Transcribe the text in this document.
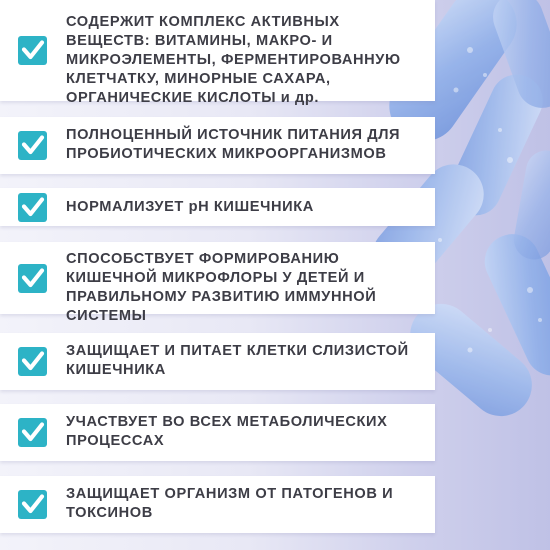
СОДЕРЖИТ КОМПЛЕКС АКТИВНЫХ ВЕЩЕСТВ: ВИТАМИНЫ, МАКРО- И МИКРОЭЛЕМЕНТЫ, ФЕРМЕНТИРОВАННУЮ КЛЕТЧАТКУ, МИНОРНЫЕ САХАРА, ОРГАНИЧЕСКИЕ КИСЛОТЫ и др.
ПОЛНОЦЕННЫЙ ИСТОЧНИК ПИТАНИЯ ДЛЯ ПРОБИОТИЧЕСКИХ МИКРООРГАНИЗМОВ
НОРМАЛИЗУЕТ pH КИШЕЧНИКА
СПОСОБСТВУЕТ ФОРМИРОВАНИЮ КИШЕЧНОЙ МИКРОФЛОРЫ У ДЕТЕЙ И ПРАВИЛЬНОМУ РАЗВИТИЮ ИММУННОЙ СИСТЕМЫ
ЗАЩИЩАЕТ И ПИТАЕТ КЛЕТКИ СЛИЗИСТОЙ КИШЕЧНИКА
УЧАСТВУЕТ ВО ВСЕХ МЕТАБОЛИЧЕСКИХ ПРОЦЕССАХ
ЗАЩИЩАЕТ ОРГАНИЗМ ОТ ПАТОГЕНОВ И ТОКСИНОВ
